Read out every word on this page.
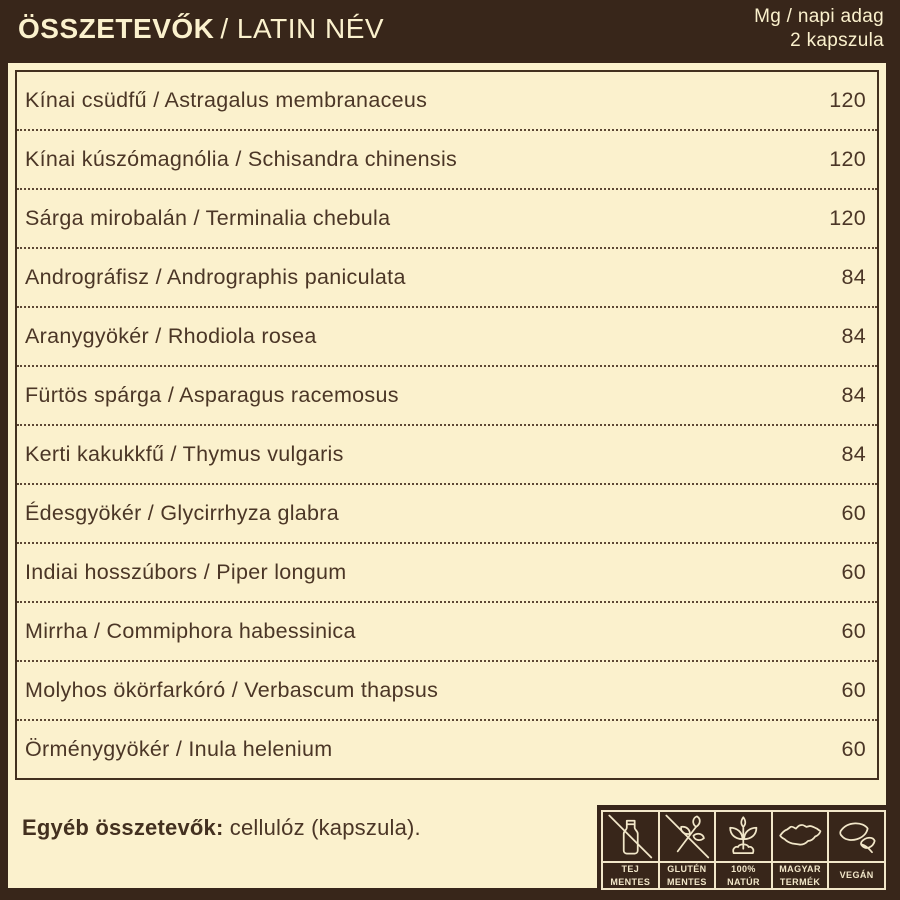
ÖSSZETEVŐK / LATIN NÉV	Mg / napi adag
2 kapszula
Kínai csüdfű / Astragalus membranaceus	120
Kínai kúszómagnólia / Schisandra chinensis	120
Sárga mirobalán / Terminalia chebula	120
Andrográfisz / Andrographis paniculata	84
Aranygyökér / Rhodiola rosea	84
Fürtös spárga / Asparagus racemosus	84
Kerti kakukkfű / Thymus vulgaris	84
Édesgyökér / Glycirrhyza glabra	60
Indiai hosszúbors / Piper longum	60
Mirrha / Commiphora habessinica	60
Molyhos ökörfarkóró / Verbascum thapsus	60
Örménygyökér / Inula helenium	60
Egyéb összetevők: cellulóz (kapszula).
TEJ
MENTES
GLUTÉN
MENTES
100%
NATÚR
MAGYAR
TERMÉK
VEGÁN
